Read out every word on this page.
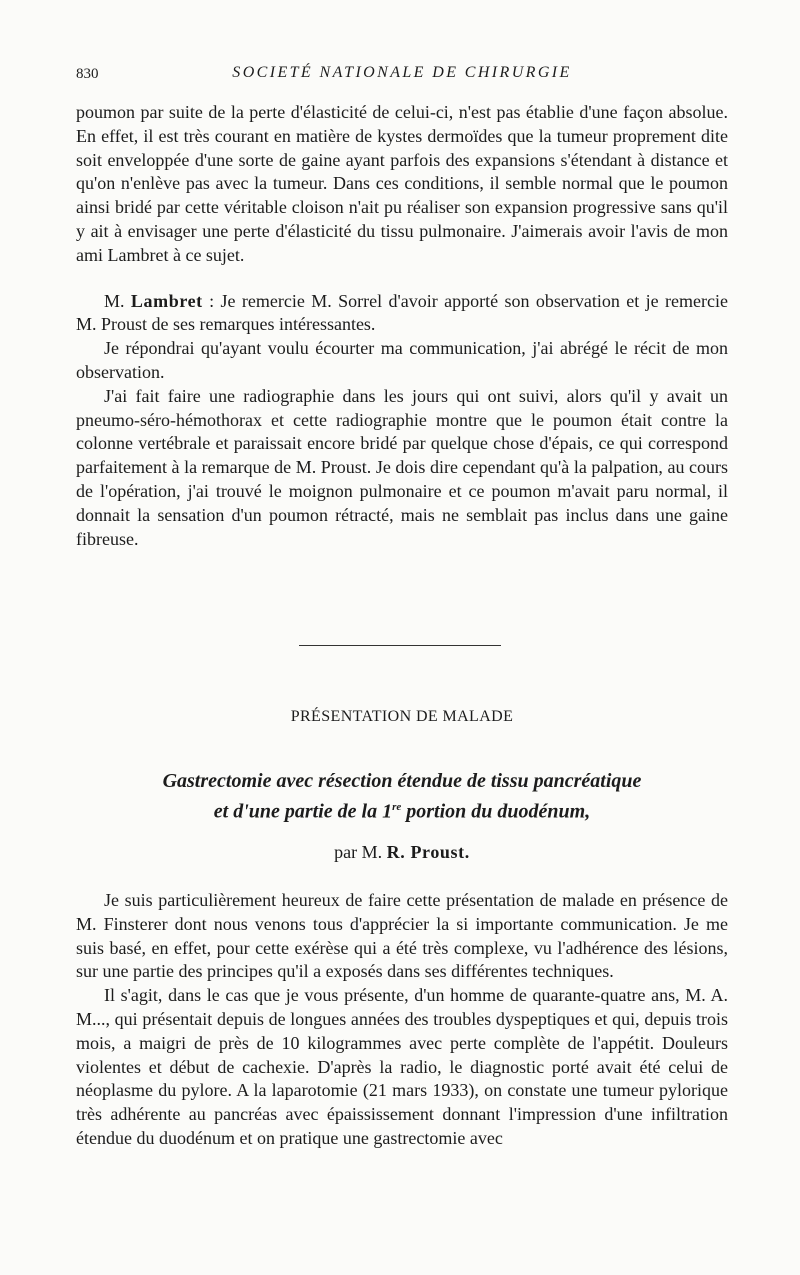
830	SOCIETÉ NATIONALE DE CHIRURGIE

poumon par suite de la perte d'élasticité de celui-ci, n'est pas établie d'une façon absolue. En effet, il est très courant en matière de kystes dermoïdes que la tumeur proprement dite soit enveloppée d'une sorte de gaine ayant parfois des expansions s'étendant à distance et qu'on n'enlève pas avec la tumeur. Dans ces conditions, il semble normal que le poumon ainsi bridé par cette véritable cloison n'ait pu réaliser son expansion progressive sans qu'il y ait à envisager une perte d'élasticité du tissu pulmonaire. J'aimerais avoir l'avis de mon ami Lambret à ce sujet.

M. Lambret : Je remercie M. Sorrel d'avoir apporté son observation et je remercie M. Proust de ses remarques intéressantes.

Je répondrai qu'ayant voulu écourter ma communication, j'ai abrégé le récit de mon observation.

J'ai fait faire une radiographie dans les jours qui ont suivi, alors qu'il y avait un pneumo-séro-hémothorax et cette radiographie montre que le poumon était contre la colonne vertébrale et paraissait encore bridé par quelque chose d'épais, ce qui correspond parfaitement à la remarque de M. Proust. Je dois dire cependant qu'à la palpation, au cours de l'opération, j'ai trouvé le moignon pulmonaire et ce poumon m'avait paru normal, il donnait la sensation d'un poumon rétracté, mais ne semblait pas inclus dans une gaine fibreuse.

PRÉSENTATION DE MALADE
Gastrectomie avec résection étendue de tissu pancréatique
et d'une partie de la 1re portion du duodénum,
par M. R. Proust.

Je suis particulièrement heureux de faire cette présentation de malade en présence de M. Finsterer dont nous venons tous d'apprécier la si importante communication. Je me suis basé, en effet, pour cette exérèse qui a été très complexe, vu l'adhérence des lésions, sur une partie des principes qu'il a exposés dans ses différentes techniques.

Il s'agit, dans le cas que je vous présente, d'un homme de quarante-quatre ans, M. A. M..., qui présentait depuis de longues années des troubles dyspeptiques et qui, depuis trois mois, a maigri de près de 10 kilogrammes avec perte complète de l'appétit. Douleurs violentes et début de cachexie. D'après la radio, le diagnostic porté avait été celui de néoplasme du pylore. A la laparotomie (21 mars 1933), on constate une tumeur pylorique très adhérente au pancréas avec épaississement donnant l'impression d'une infiltration étendue du duodénum et on pratique une gastrectomie avec
